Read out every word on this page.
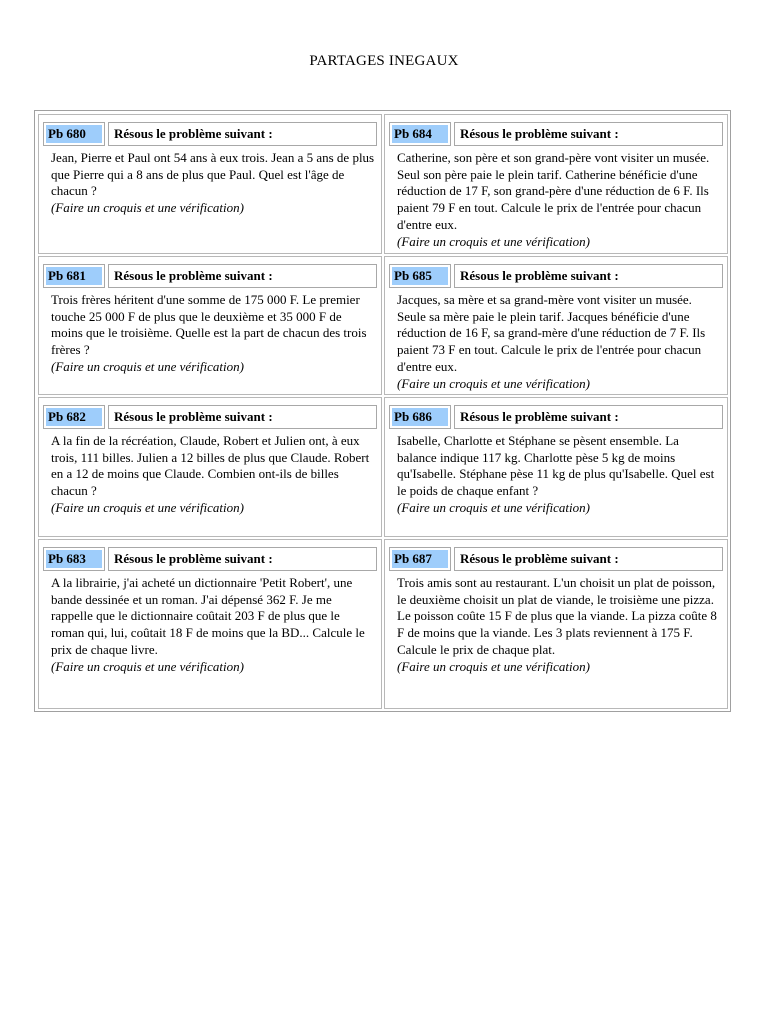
PARTAGES INEGAUX
Pb 680	Résous le problème suivant :

Jean, Pierre et Paul ont 54 ans à eux trois. Jean a 5 ans de plus que Pierre qui a 8 ans de plus que Paul. Quel est l'âge de chacun ?

(Faire un croquis et une vérification)

Pb 684	Résous le problème suivant :

Catherine, son père et son grand-père vont visiter un musée. Seul son père paie le plein tarif. Catherine bénéficie d'une réduction de 17 F, son grand-père d'une réduction de 6 F. Ils paient 79 F en tout. Calcule le prix de l'entrée pour chacun d'entre eux.

(Faire un croquis et une vérification)

Pb 681	Résous le problème suivant :

Trois frères héritent d'une somme de 175 000 F. Le premier touche 25 000 F de plus que le deuxième et 35 000 F de moins que le troisième. Quelle est la part de chacun des trois frères ?

(Faire un croquis et une vérification)

Pb 685	Résous le problème suivant :

Jacques, sa mère et sa grand-mère vont visiter un musée. Seule sa mère paie le plein tarif. Jacques bénéficie d'une réduction de 16 F, sa grand-mère d'une réduction de 7 F. Ils paient 73 F en tout. Calcule le prix de l'entrée pour chacun d'entre eux.

(Faire un croquis et une vérification)

Pb 682	Résous le problème suivant :

A la fin de la récréation, Claude, Robert et Julien ont, à eux trois, 111 billes. Julien a 12 billes de plus que Claude. Robert en a 12 de moins que Claude. Combien ont-ils de billes chacun ?

(Faire un croquis et une vérification)

Pb 686	Résous le problème suivant :

Isabelle, Charlotte et Stéphane se pèsent ensemble. La balance indique 117 kg. Charlotte pèse 5 kg de moins qu'Isabelle. Stéphane pèse 11 kg de plus qu'Isabelle. Quel est le poids de chaque enfant ?

(Faire un croquis et une vérification)

Pb 683	Résous le problème suivant :

A la librairie, j'ai acheté un dictionnaire 'Petit Robert', une bande dessinée et un roman. J'ai dépensé 362 F. Je me rappelle que le dictionnaire coûtait 203 F de plus que le roman qui, lui, coûtait 18 F de moins que la BD... Calcule le prix de chaque livre.

(Faire un croquis et une vérification)

Pb 687	Résous le problème suivant :

Trois amis sont au restaurant. L'un choisit un plat de poisson, le deuxième choisit un plat de viande, le troisième une pizza. Le poisson coûte 15 F de plus que la viande. La pizza coûte 8 F de moins que la viande. Les 3 plats reviennent à 175 F. Calcule le prix de chaque plat.

(Faire un croquis et une vérification)
